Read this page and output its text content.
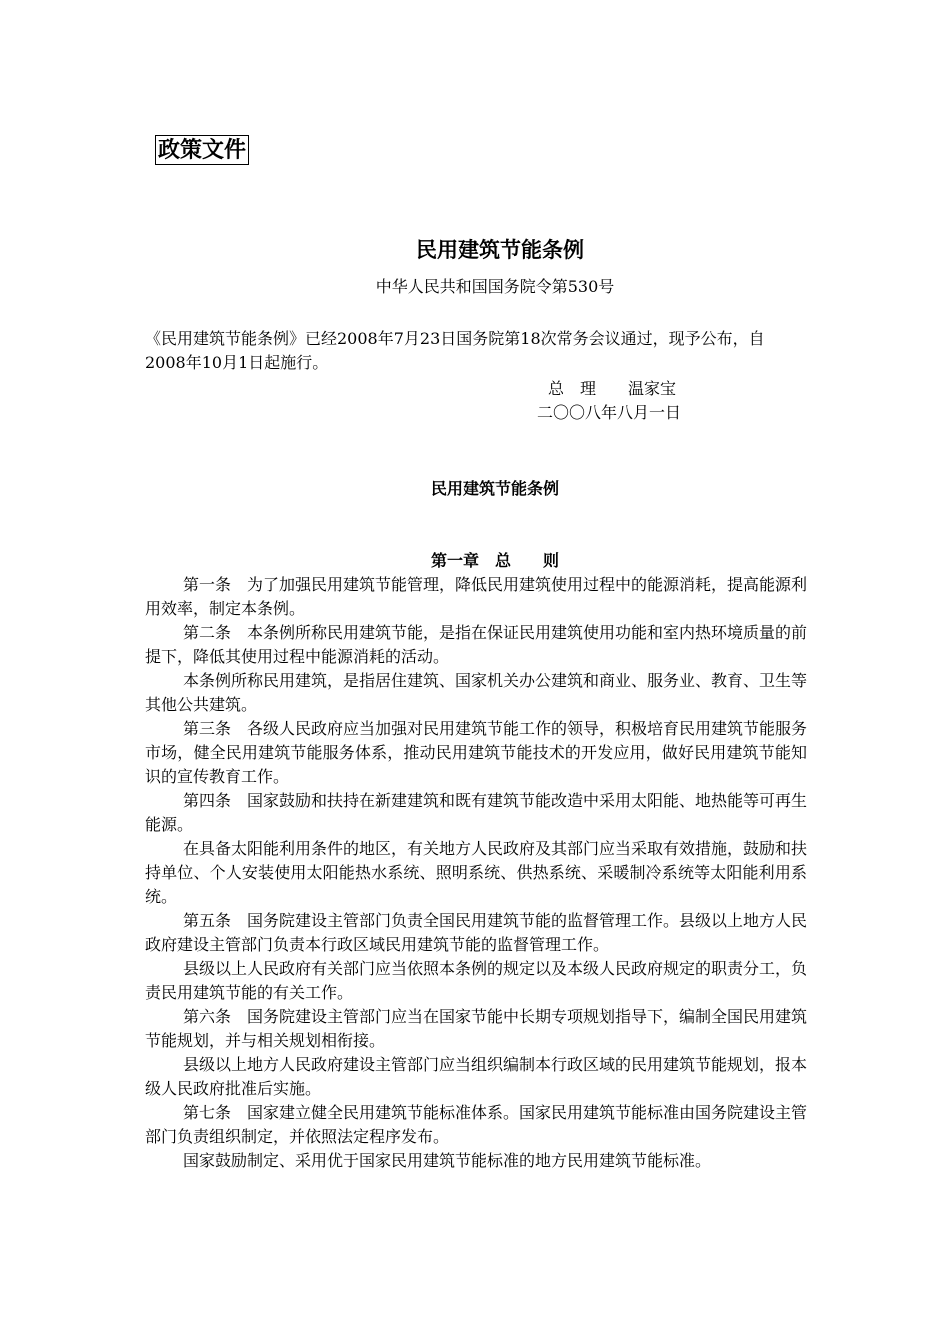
政策文件
民用建筑节能条例
中华人民共和国国务院令第530号
《民用建筑节能条例》已经2008年7月23日国务院第18次常务会议通过，现予公布，自2008年10月1日起施行。
总　理　　温家宝
二〇〇八年八月一日
民用建筑节能条例
第一章　总　　则

第一条　为了加强民用建筑节能管理，降低民用建筑使用过程中的能源消耗，提高能源利用效率，制定本条例。

第二条　本条例所称民用建筑节能，是指在保证民用建筑使用功能和室内热环境质量的前提下，降低其使用过程中能源消耗的活动。

本条例所称民用建筑，是指居住建筑、国家机关办公建筑和商业、服务业、教育、卫生等其他公共建筑。

第三条　各级人民政府应当加强对民用建筑节能工作的领导，积极培育民用建筑节能服务市场，健全民用建筑节能服务体系，推动民用建筑节能技术的开发应用，做好民用建筑节能知识的宣传教育工作。

第四条　国家鼓励和扶持在新建建筑和既有建筑节能改造中采用太阳能、地热能等可再生能源。

在具备太阳能利用条件的地区，有关地方人民政府及其部门应当采取有效措施，鼓励和扶持单位、个人安装使用太阳能热水系统、照明系统、供热系统、采暖制冷系统等太阳能利用系统。

第五条　国务院建设主管部门负责全国民用建筑节能的监督管理工作。县级以上地方人民政府建设主管部门负责本行政区域民用建筑节能的监督管理工作。

县级以上人民政府有关部门应当依照本条例的规定以及本级人民政府规定的职责分工，负责民用建筑节能的有关工作。

第六条　国务院建设主管部门应当在国家节能中长期专项规划指导下，编制全国民用建筑节能规划，并与相关规划相衔接。

县级以上地方人民政府建设主管部门应当组织编制本行政区域的民用建筑节能规划，报本级人民政府批准后实施。

第七条　国家建立健全民用建筑节能标准体系。国家民用建筑节能标准由国务院建设主管部门负责组织制定，并依照法定程序发布。

国家鼓励制定、采用优于国家民用建筑节能标准的地方民用建筑节能标准。
